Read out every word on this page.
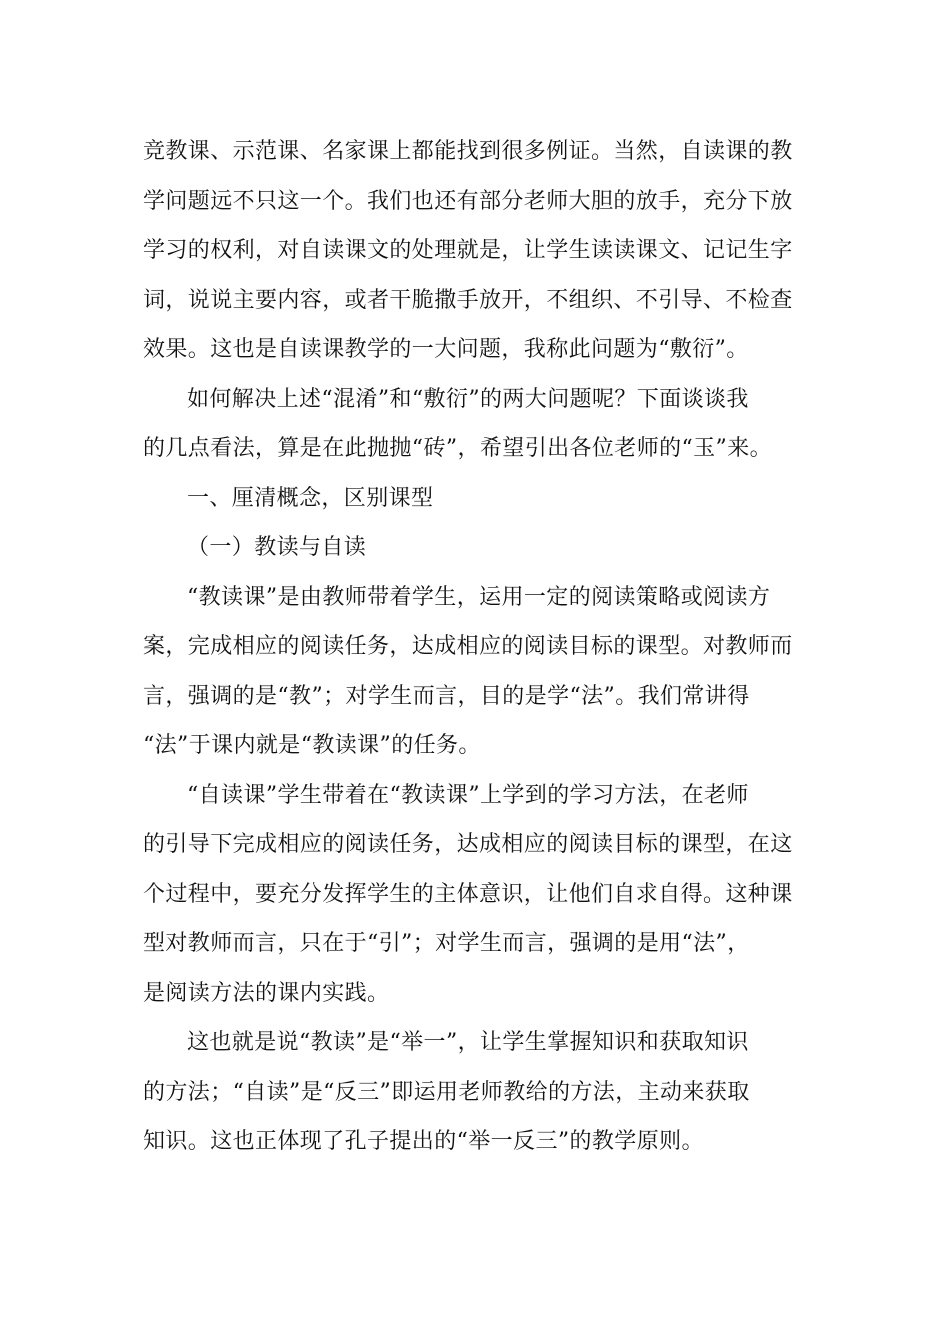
竞教课、示范课、名家课上都能找到很多例证。当然，自读课的教
学问题远不只这一个。我们也还有部分老师大胆的放手，充分下放
学习的权利，对自读课文的处理就是，让学生读读课文、记记生字
词，说说主要内容，或者干脆撒手放开，不组织、不引导、不检查
效果。这也是自读课教学的一大问题，我称此问题为“敷衍”。
如何解决上述“混淆”和“敷衍”的两大问题呢？下面谈谈我
的几点看法，算是在此抛抛“砖”，希望引出各位老师的“玉”来。
一、厘清概念，区别课型
（一）教读与自读
“教读课”是由教师带着学生，运用一定的阅读策略或阅读方
案，完成相应的阅读任务，达成相应的阅读目标的课型。对教师而
言，强调的是“教”；对学生而言，目的是学“法”。我们常讲得
“法”于课内就是“教读课”的任务。
“自读课”学生带着在“教读课”上学到的学习方法，在老师
的引导下完成相应的阅读任务，达成相应的阅读目标的课型，在这
个过程中，要充分发挥学生的主体意识，让他们自求自得。这种课
型对教师而言，只在于“引”；对学生而言，强调的是用“法”，
是阅读方法的课内实践。
这也就是说“教读”是“举一”，让学生掌握知识和获取知识
的方法；“自读”是“反三”即运用老师教给的方法，主动来获取
知识。这也正体现了孔子提出的“举一反三”的教学原则。
